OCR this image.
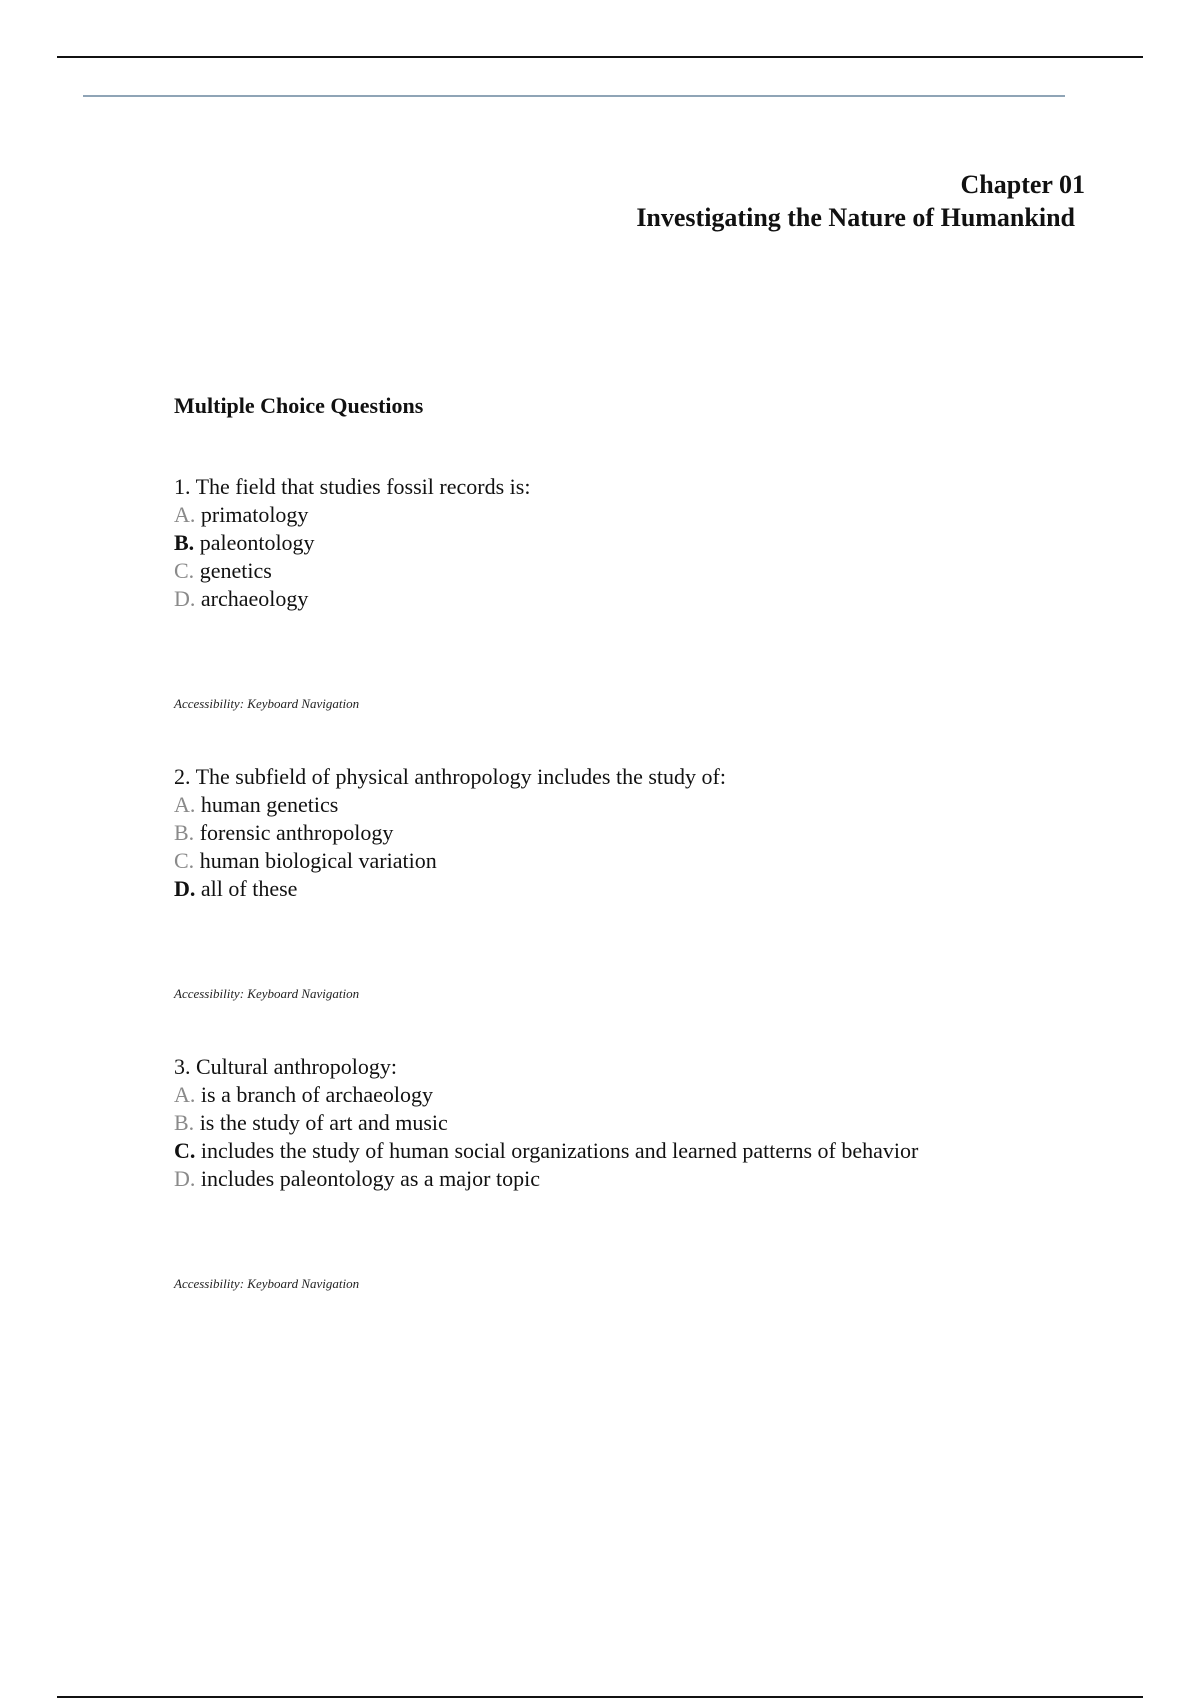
Chapter 01
Investigating the Nature of Humankind
Multiple Choice Questions
1. The field that studies fossil records is:
A. primatology
B. paleontology
C. genetics
D. archaeology
Accessibility: Keyboard Navigation
2. The subfield of physical anthropology includes the study of:
A. human genetics
B. forensic anthropology
C. human biological variation
D. all of these
Accessibility: Keyboard Navigation
3. Cultural anthropology:
A. is a branch of archaeology
B. is the study of art and music
C. includes the study of human social organizations and learned patterns of behavior
D. includes paleontology as a major topic
Accessibility: Keyboard Navigation
